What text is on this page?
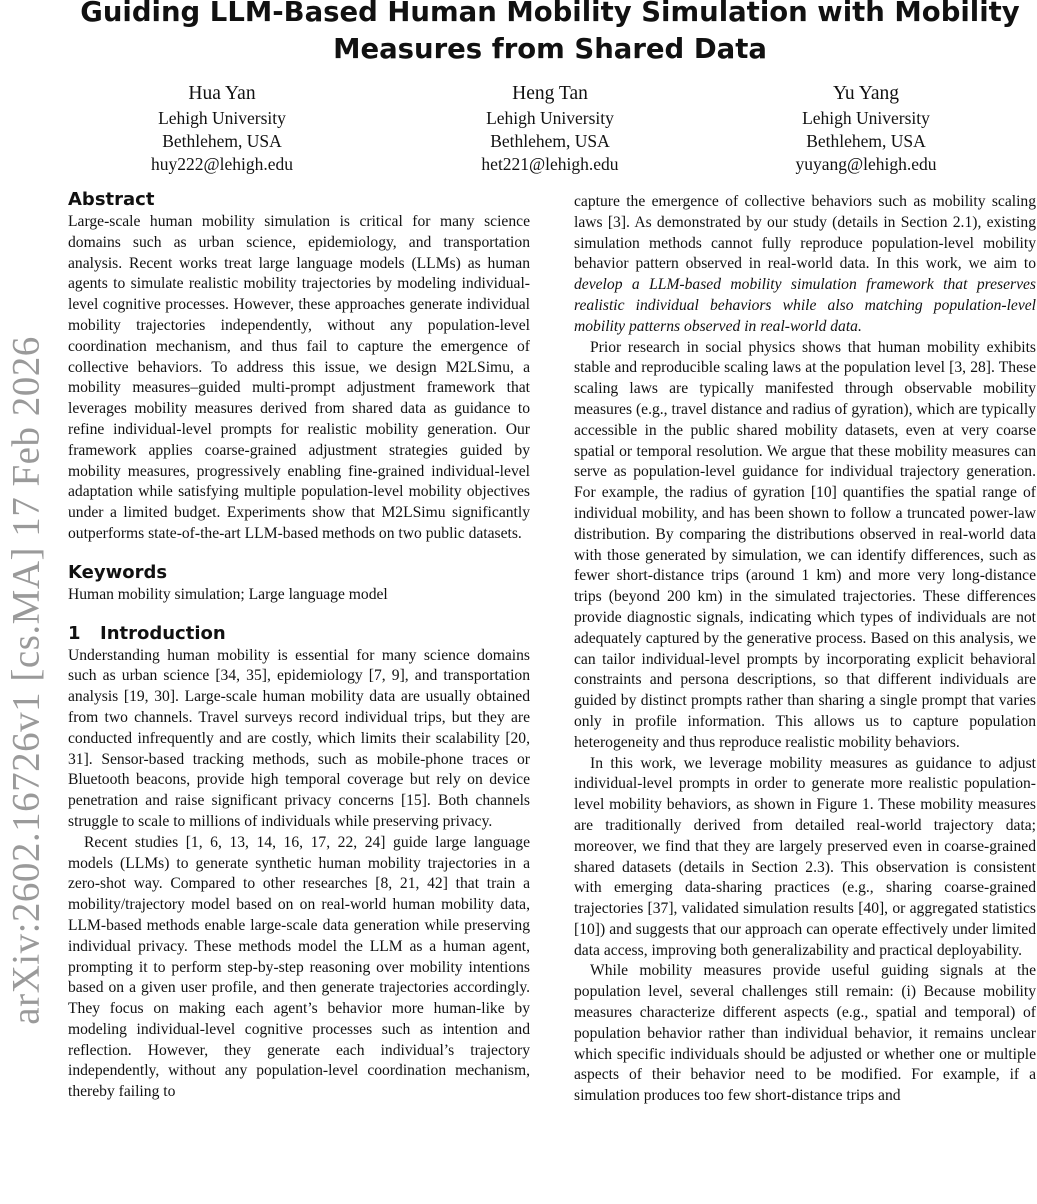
arXiv:2602.16726v1 [cs.MA] 17 Feb 2026
Guiding LLM-Based Human Mobility Simulation with Mobility Measures from Shared Data
Hua Yan
Lehigh University
Bethlehem, USA
huy222@lehigh.edu
Heng Tan
Lehigh University
Bethlehem, USA
het221@lehigh.edu
Yu Yang
Lehigh University
Bethlehem, USA
yuyang@lehigh.edu
Abstract

Large-scale human mobility simulation is critical for many science domains such as urban science, epidemiology, and transportation analysis. Recent works treat large language models (LLMs) as human agents to simulate realistic mobility trajectories by modeling individual-level cognitive processes. However, these approaches generate individual mobility trajectories independently, without any population-level coordination mechanism, and thus fail to capture the emergence of collective behaviors. To address this issue, we design M2LSimu, a mobility measures–guided multi-prompt adjustment framework that leverages mobility measures derived from shared data as guidance to refine individual-level prompts for realistic mobility generation. Our framework applies coarse-grained adjustment strategies guided by mobility measures, progressively enabling fine-grained individual-level adaptation while satisfying multiple population-level mobility objectives under a limited budget. Experiments show that M2LSimu significantly outperforms state-of-the-art LLM-based methods on two public datasets.

Keywords

Human mobility simulation; Large language model

1 Introduction

Understanding human mobility is essential for many science domains such as urban science [34, 35], epidemiology [7, 9], and transportation analysis [19, 30]. Large-scale human mobility data are usually obtained from two channels. Travel surveys record individual trips, but they are conducted infrequently and are costly, which limits their scalability [20, 31]. Sensor-based tracking methods, such as mobile-phone traces or Bluetooth beacons, provide high temporal coverage but rely on device penetration and raise significant privacy concerns [15]. Both channels struggle to scale to millions of individuals while preserving privacy.

Recent studies [1, 6, 13, 14, 16, 17, 22, 24] guide large language models (LLMs) to generate synthetic human mobility trajectories in a zero-shot way. Compared to other researches [8, 21, 42] that train a mobility/trajectory model based on on real-world human mobility data, LLM-based methods enable large-scale data generation while preserving individual privacy. These methods model the LLM as a human agent, prompting it to perform step-by-step reasoning over mobility intentions based on a given user profile, and then generate trajectories accordingly. They focus on making each agent’s behavior more human-like by modeling individual-level cognitive processes such as intention and reflection. However, they generate each individual’s trajectory independently, without any population-level coordination mechanism, thereby failing to

capture the emergence of collective behaviors such as mobility scaling laws [3]. As demonstrated by our study (details in Section 2.1), existing simulation methods cannot fully reproduce population-level mobility behavior pattern observed in real-world data. In this work, we aim to develop a LLM-based mobility simulation framework that preserves realistic individual behaviors while also matching population-level mobility patterns observed in real-world data.

Prior research in social physics shows that human mobility exhibits stable and reproducible scaling laws at the population level [3, 28]. These scaling laws are typically manifested through observable mobility measures (e.g., travel distance and radius of gyration), which are typically accessible in the public shared mobility datasets, even at very coarse spatial or temporal resolution. We argue that these mobility measures can serve as population-level guidance for individual trajectory generation. For example, the radius of gyration [10] quantifies the spatial range of individual mobility, and has been shown to follow a truncated power-law distribution. By comparing the distributions observed in real-world data with those generated by simulation, we can identify differences, such as fewer short-distance trips (around 1 km) and more very long-distance trips (beyond 200 km) in the simulated trajectories. These differences provide diagnostic signals, indicating which types of individuals are not adequately captured by the generative process. Based on this analysis, we can tailor individual-level prompts by incorporating explicit behavioral constraints and persona descriptions, so that different individuals are guided by distinct prompts rather than sharing a single prompt that varies only in profile information. This allows us to capture population heterogeneity and thus reproduce realistic mobility behaviors.

In this work, we leverage mobility measures as guidance to adjust individual-level prompts in order to generate more realistic population-level mobility behaviors, as shown in Figure 1. These mobility measures are traditionally derived from detailed real-world trajectory data; moreover, we find that they are largely preserved even in coarse-grained shared datasets (details in Section 2.3). This observation is consistent with emerging data-sharing practices (e.g., sharing coarse-grained trajectories [37], validated simulation results [40], or aggregated statistics [10]) and suggests that our approach can operate effectively under limited data access, improving both generalizability and practical deployability.

While mobility measures provide useful guiding signals at the population level, several challenges still remain: (i) Because mobility measures characterize different aspects (e.g., spatial and temporal) of population behavior rather than individual behavior, it remains unclear which specific individuals should be adjusted or whether one or multiple aspects of their behavior need to be modified. For example, if a simulation produces too few short-distance trips and
